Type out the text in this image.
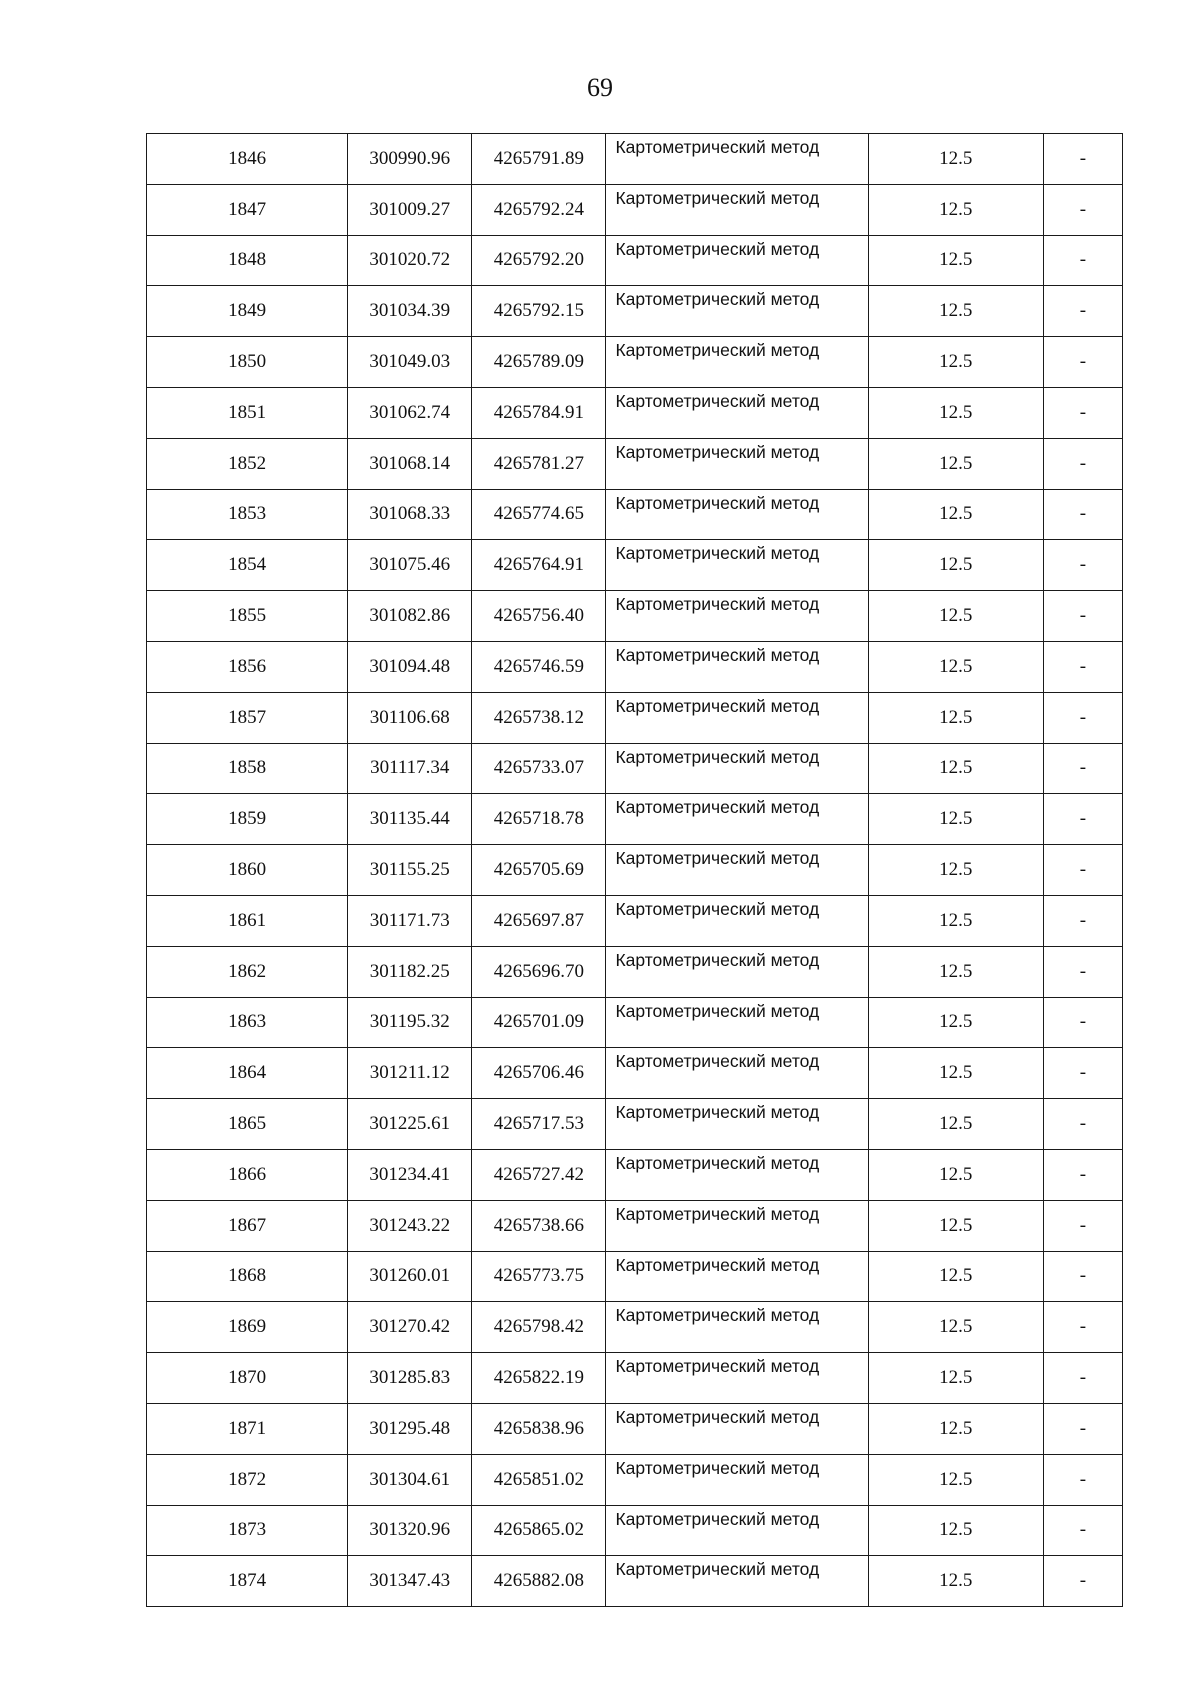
69
1846	300990.96	4265791.89	Картометрический метод	12.5	-
1847	301009.27	4265792.24	Картометрический метод	12.5	-
1848	301020.72	4265792.20	Картометрический метод	12.5	-
1849	301034.39	4265792.15	Картометрический метод	12.5	-
1850	301049.03	4265789.09	Картометрический метод	12.5	-
1851	301062.74	4265784.91	Картометрический метод	12.5	-
1852	301068.14	4265781.27	Картометрический метод	12.5	-
1853	301068.33	4265774.65	Картометрический метод	12.5	-
1854	301075.46	4265764.91	Картометрический метод	12.5	-
1855	301082.86	4265756.40	Картометрический метод	12.5	-
1856	301094.48	4265746.59	Картометрический метод	12.5	-
1857	301106.68	4265738.12	Картометрический метод	12.5	-
1858	301117.34	4265733.07	Картометрический метод	12.5	-
1859	301135.44	4265718.78	Картометрический метод	12.5	-
1860	301155.25	4265705.69	Картометрический метод	12.5	-
1861	301171.73	4265697.87	Картометрический метод	12.5	-
1862	301182.25	4265696.70	Картометрический метод	12.5	-
1863	301195.32	4265701.09	Картометрический метод	12.5	-
1864	301211.12	4265706.46	Картометрический метод	12.5	-
1865	301225.61	4265717.53	Картометрический метод	12.5	-
1866	301234.41	4265727.42	Картометрический метод	12.5	-
1867	301243.22	4265738.66	Картометрический метод	12.5	-
1868	301260.01	4265773.75	Картометрический метод	12.5	-
1869	301270.42	4265798.42	Картометрический метод	12.5	-
1870	301285.83	4265822.19	Картометрический метод	12.5	-
1871	301295.48	4265838.96	Картометрический метод	12.5	-
1872	301304.61	4265851.02	Картометрический метод	12.5	-
1873	301320.96	4265865.02	Картометрический метод	12.5	-
1874	301347.43	4265882.08	Картометрический метод	12.5	-
